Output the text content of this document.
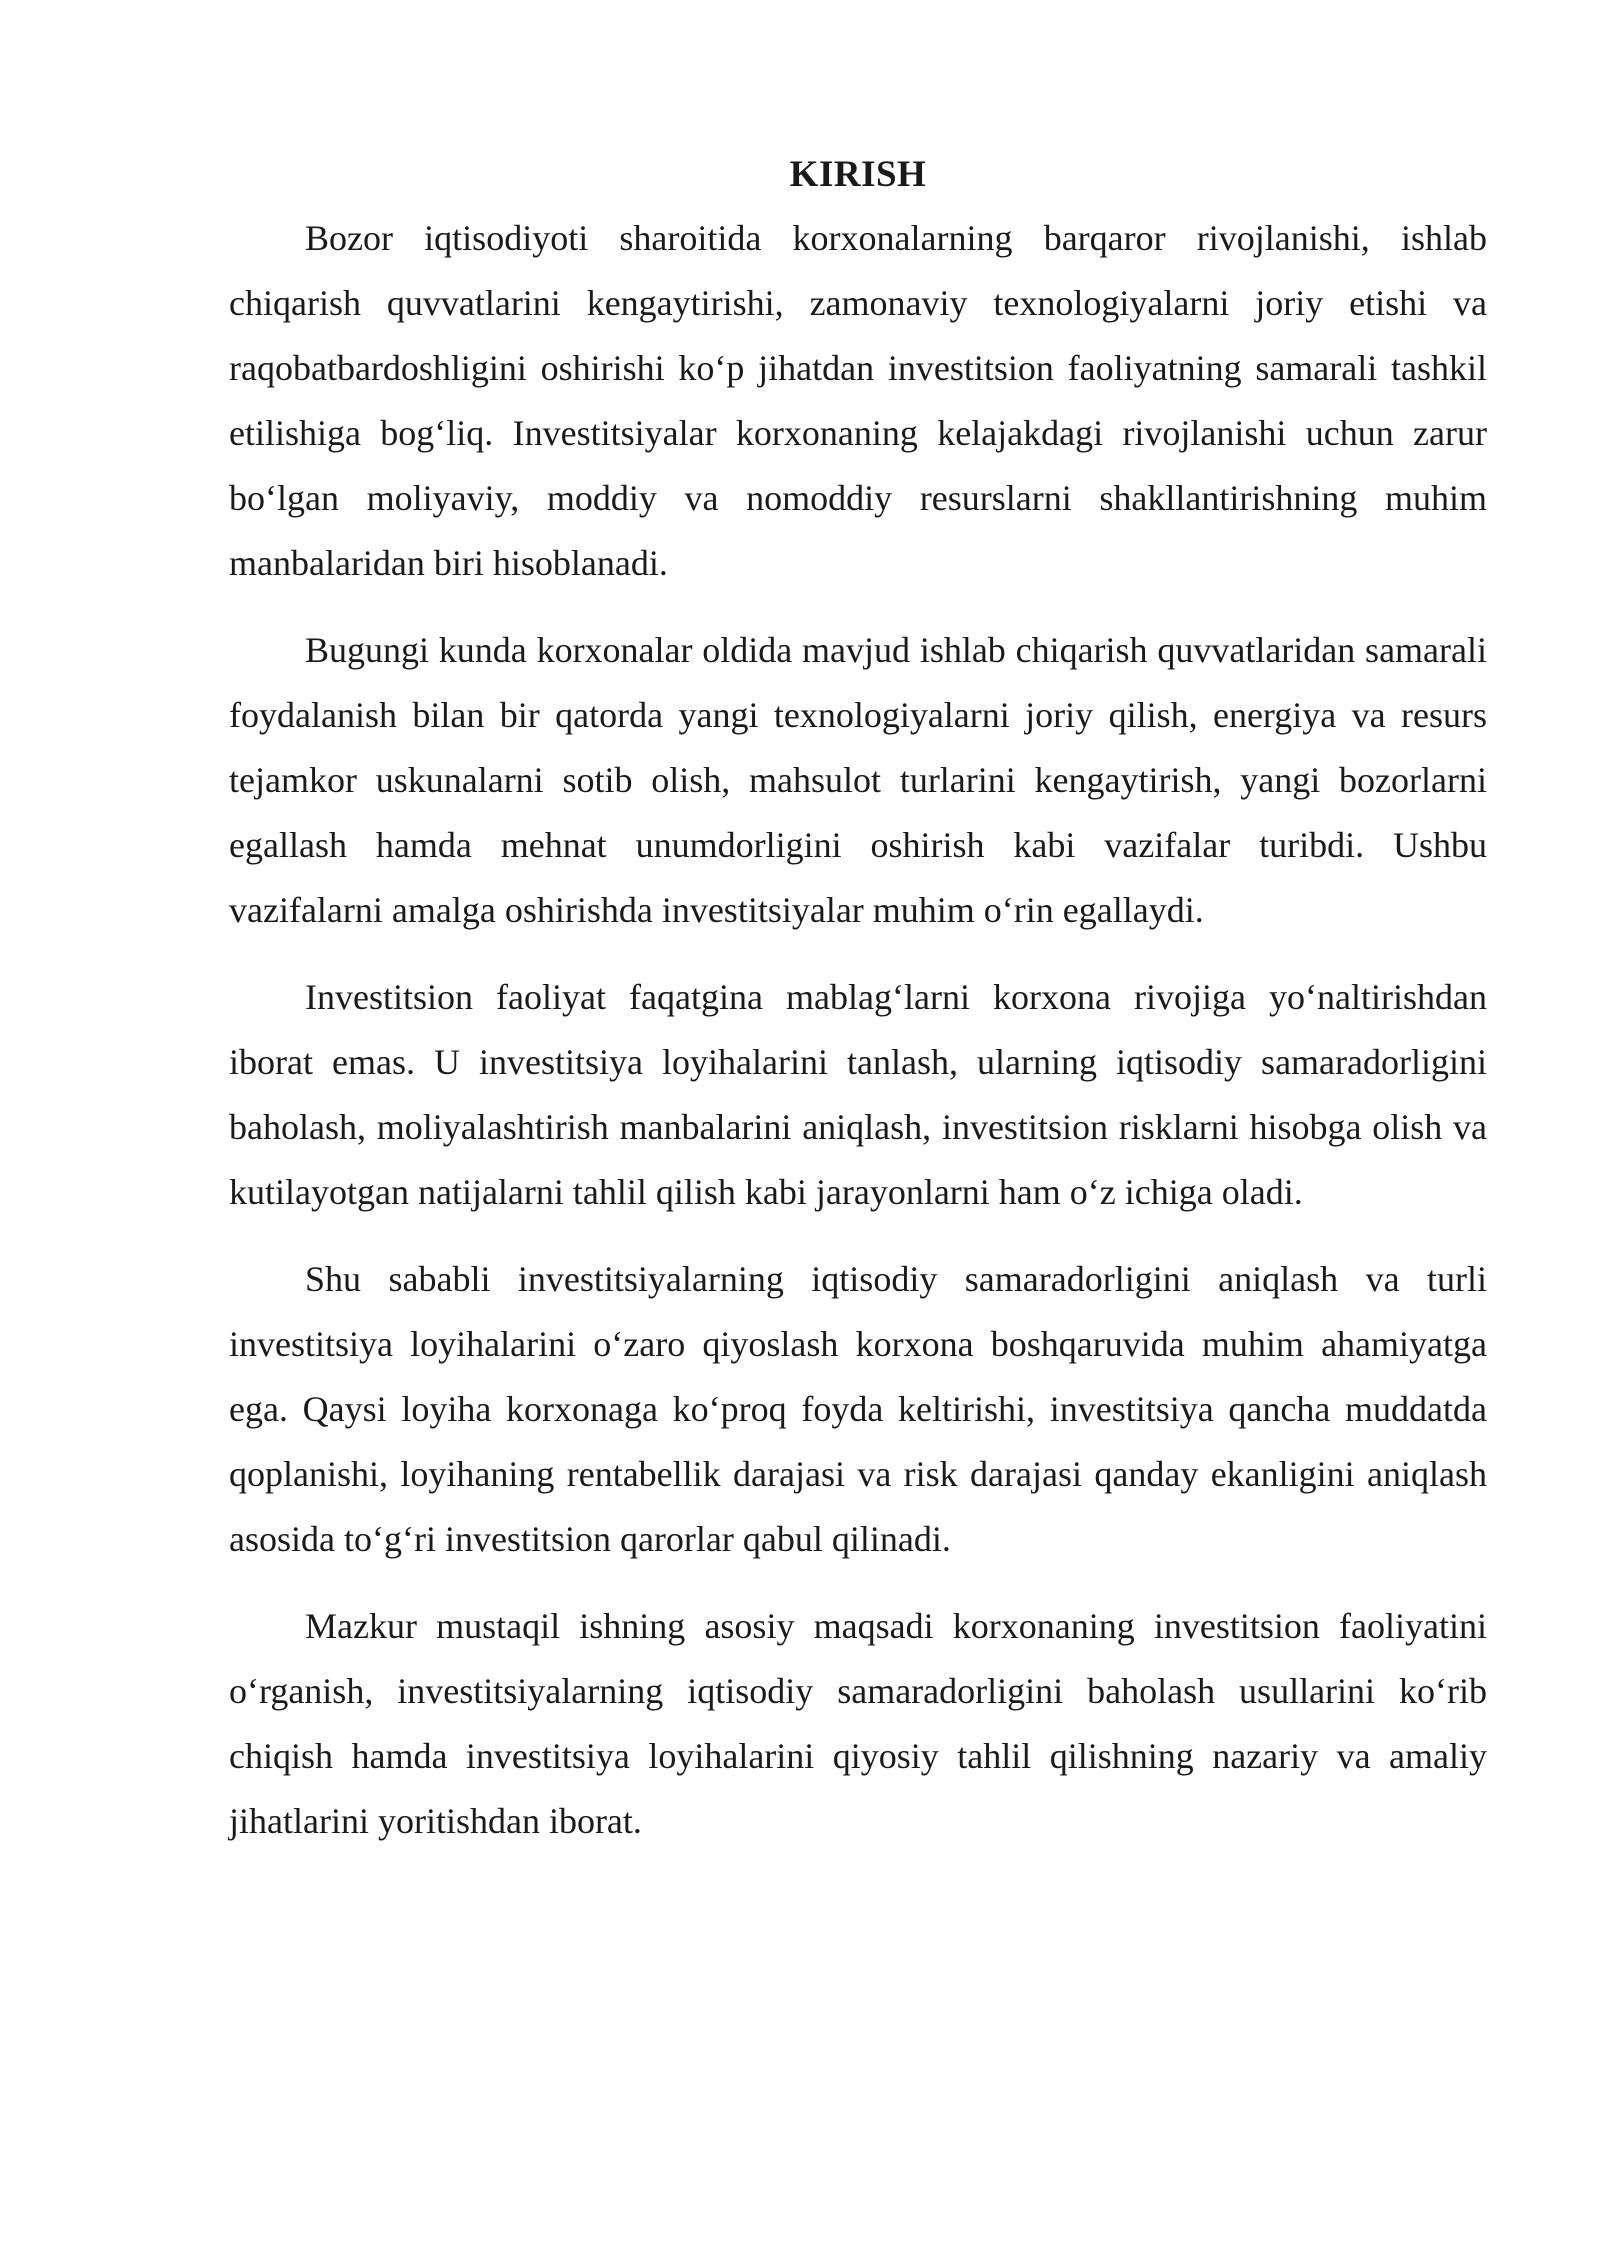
KIRISH

Bozor iqtisodiyoti sharoitida korxonalarning barqaror rivojlanishi, ishlab chiqarish quvvatlarini kengaytirishi, zamonaviy texnologiyalarni joriy etishi va raqobatbardoshligini oshirishi ko‘p jihatdan investitsion faoliyatning samarali tashkil etilishiga bog‘liq. Investitsiyalar korxonaning kelajakdagi rivojlanishi uchun zarur bo‘lgan moliyaviy, moddiy va nomoddiy resurslarni shakllantirishning muhim manbalaridan biri hisoblanadi.

Bugungi kunda korxonalar oldida mavjud ishlab chiqarish quvvatlaridan samarali foydalanish bilan bir qatorda yangi texnologiyalarni joriy qilish, energiya va resurs tejamkor uskunalarni sotib olish, mahsulot turlarini kengaytirish, yangi bozorlarni egallash hamda mehnat unumdorligini oshirish kabi vazifalar turibdi. Ushbu vazifalarni amalga oshirishda investitsiyalar muhim o‘rin egallaydi.

Investitsion faoliyat faqatgina mablag‘larni korxona rivojiga yo‘naltirishdan iborat emas. U investitsiya loyihalarini tanlash, ularning iqtisodiy samaradorligini baholash, moliyalashtirish manbalarini aniqlash, investitsion risklarni hisobga olish va kutilayotgan natijalarni tahlil qilish kabi jarayonlarni ham o‘z ichiga oladi.

Shu sababli investitsiyalarning iqtisodiy samaradorligini aniqlash va turli investitsiya loyihalarini o‘zaro qiyoslash korxona boshqaruvida muhim ahamiyatga ega. Qaysi loyiha korxonaga ko‘proq foyda keltirishi, investitsiya qancha muddatda qoplanishi, loyihaning rentabellik darajasi va risk darajasi qanday ekanligini aniqlash asosida to‘g‘ri investitsion qarorlar qabul qilinadi.

Mazkur mustaqil ishning asosiy maqsadi korxonaning investitsion faoliyatini o‘rganish, investitsiyalarning iqtisodiy samaradorligini baholash usullarini ko‘rib chiqish hamda investitsiya loyihalarini qiyosiy tahlil qilishning nazariy va amaliy jihatlarini yoritishdan iborat.
